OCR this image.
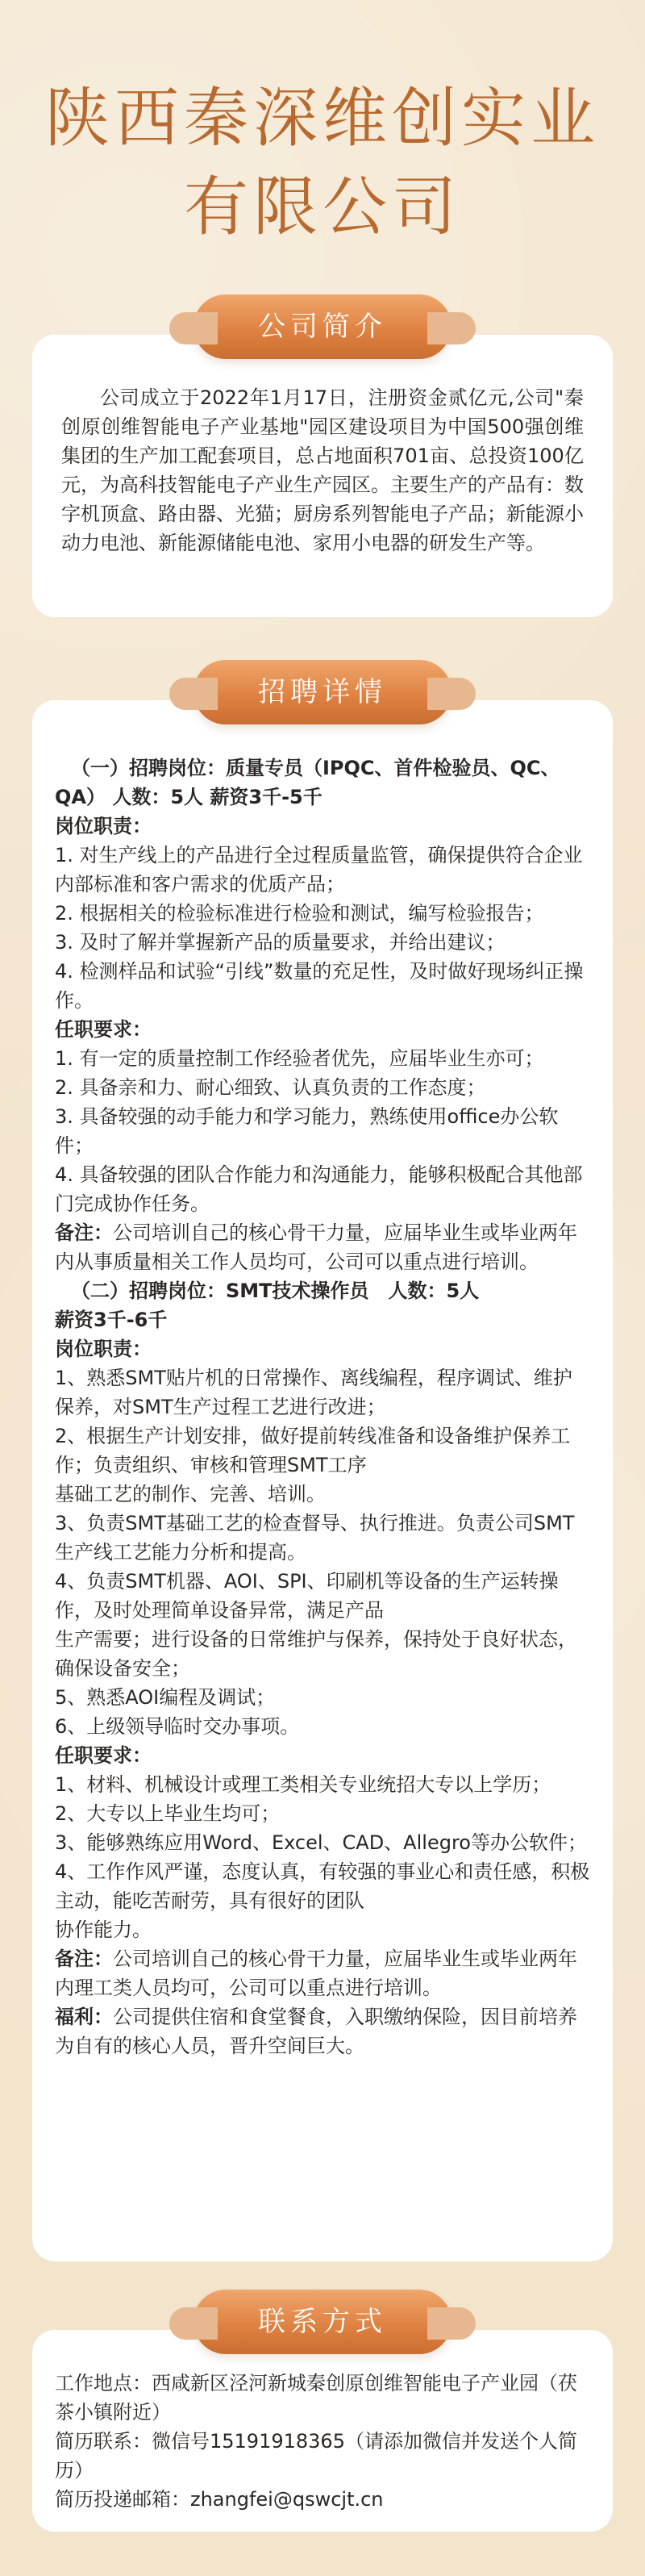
陕西秦深维创实业
有限公司
公司简介
公司成立于2022年1月17日，注册资金贰亿元,公司"秦创原创维智能电子产业基地"园区建设项目为中国500强创维集团的生产加工配套项目，总占地面积701亩、总投资100亿元，为高科技智能电子产业生产园区。主要生产的产品有：数字机顶盒、路由器、光猫；厨房系列智能电子产品；新能源小动力电池、新能源储能电池、家用小电器的研发生产等。
招聘详情

（一）招聘岗位：质量专员（IPQC、首件检验员、QC、QA） 人数：5人 薪资3千-5千

岗位职责：

1. 对生产线上的产品进行全过程质量监管，确保提供符合企业内部标准和客户需求的优质产品；

2. 根据相关的检验标准进行检验和测试，编写检验报告；

3. 及时了解并掌握新产品的质量要求，并给出建议；

4. 检测样品和试验“引线”数量的充足性，及时做好现场纠正操作。

任职要求：

1. 有一定的质量控制工作经验者优先，应届毕业生亦可；

2. 具备亲和力、耐心细致、认真负责的工作态度；

3. 具备较强的动手能力和学习能力，熟练使用office办公软件；

4. 具备较强的团队合作能力和沟通能力，能够积极配合其他部门完成协作任务。

备注：公司培训自己的核心骨干力量，应届毕业生或毕业两年内从事质量相关工作人员均可，公司可以重点进行培训。

（二）招聘岗位：SMT技术操作员　人数：5人

薪资3千-6千

岗位职责：

1、熟悉SMT贴片机的日常操作、离线编程，程序调试、维护保养，对SMT生产过程工艺进行改进；

2、根据生产计划安排，做好提前转线准备和设备维护保养工作；负责组织、审核和管理SMT工序

基础工艺的制作、完善、培训。

3、负责SMT基础工艺的检查督导、执行推进。负责公司SMT生产线工艺能力分析和提高。

4、负责SMT机器、AOI、SPI、印刷机等设备的生产运转操作，及时处理简单设备异常，满足产品

生产需要；进行设备的日常维护与保养，保持处于良好状态，确保设备安全；

5、熟悉AOI编程及调试；

6、上级领导临时交办事项。

任职要求：

1、材料、机械设计或理工类相关专业统招大专以上学历；

2、大专以上毕业生均可；

3、能够熟练应用Word、Excel、CAD、Allegro等办公软件；

4、工作作风严谨，态度认真，有较强的事业心和责任感，积极主动，能吃苦耐劳，具有很好的团队

协作能力。

备注：公司培训自己的核心骨干力量，应届毕业生或毕业两年内理工类人员均可，公司可以重点进行培训。

福利：公司提供住宿和食堂餐食，入职缴纳保险，因目前培养为自有的核心人员，晋升空间巨大。

联系方式

工作地点：西咸新区泾河新城秦创原创维智能电子产业园（茯茶小镇附近）

简历联系：微信号15191918365（请添加微信并发送个人简历）

简历投递邮箱：zhangfei@qswcjt.cn
